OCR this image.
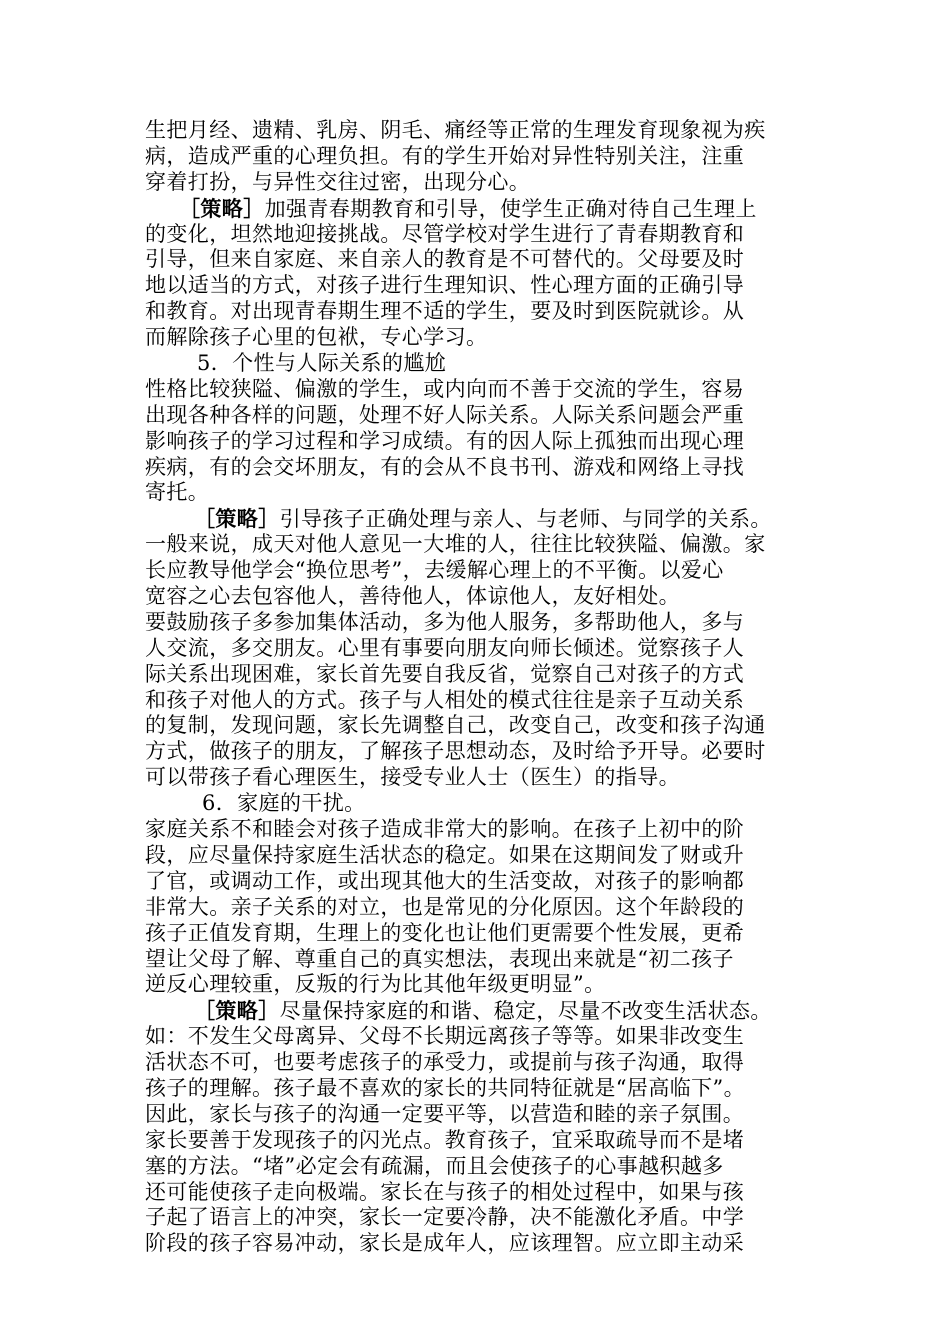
生把月经、遗精、乳房、阴毛、痛经等正常的生理发育现象视为疾
病，造成严重的心理负担。有的学生开始对异性特别关注，注重
穿着打扮，与异性交往过密，出现分心。
［策略］加强青春期教育和引导，使学生正确对待自己生理上
的变化，坦然地迎接挑战。尽管学校对学生进行了青春期教育和
引导，但来自家庭、来自亲人的教育是不可替代的。父母要及时
地以适当的方式，对孩子进行生理知识、性心理方面的正确引导
和教育。对出现青春期生理不适的学生，要及时到医院就诊。从
而解除孩子心里的包袱，专心学习。
5．个性与人际关系的尴尬
性格比较狭隘、偏激的学生，或内向而不善于交流的学生，容易
出现各种各样的问题，处理不好人际关系。人际关系问题会严重
影响孩子的学习过程和学习成绩。有的因人际上孤独而出现心理
疾病，有的会交坏朋友，有的会从不良书刊、游戏和网络上寻找
寄托。
［策略］引导孩子正确处理与亲人、与老师、与同学的关系。
一般来说，成天对他人意见一大堆的人，往往比较狭隘、偏激。家
长应教导他学会“换位思考”，去缓解心理上的不平衡。以爱心
宽容之心去包容他人，善待他人，体谅他人，友好相处。
要鼓励孩子多参加集体活动，多为他人服务，多帮助他人，多与
人交流，多交朋友。心里有事要向朋友向师长倾述。觉察孩子人
际关系出现困难，家长首先要自我反省，觉察自己对孩子的方式
和孩子对他人的方式。孩子与人相处的模式往往是亲子互动关系
的复制，发现问题，家长先调整自己，改变自己，改变和孩子沟通
方式，做孩子的朋友，了解孩子思想动态，及时给予开导。必要时
可以带孩子看心理医生，接受专业人士（医生）的指导。
6．家庭的干扰。
家庭关系不和睦会对孩子造成非常大的影响。在孩子上初中的阶
段，应尽量保持家庭生活状态的稳定。如果在这期间发了财或升
了官，或调动工作，或出现其他大的生活变故，对孩子的影响都
非常大。亲子关系的对立，也是常见的分化原因。这个年龄段的
孩子正值发育期，生理上的变化也让他们更需要个性发展，更希
望让父母了解、尊重自己的真实想法，表现出来就是“初二孩子
逆反心理较重，反叛的行为比其他年级更明显”。
［策略］尽量保持家庭的和谐、稳定，尽量不改变生活状态。
如：不发生父母离异、父母不长期远离孩子等等。如果非改变生
活状态不可，也要考虑孩子的承受力，或提前与孩子沟通，取得
孩子的理解。孩子最不喜欢的家长的共同特征就是“居高临下”。
因此，家长与孩子的沟通一定要平等，以营造和睦的亲子氛围。
家长要善于发现孩子的闪光点。教育孩子，宜采取疏导而不是堵
塞的方法。“堵”必定会有疏漏，而且会使孩子的心事越积越多
还可能使孩子走向极端。家长在与孩子的相处过程中，如果与孩
子起了语言上的冲突，家长一定要冷静，决不能激化矛盾。中学
阶段的孩子容易冲动，家长是成年人，应该理智。应立即主动采
